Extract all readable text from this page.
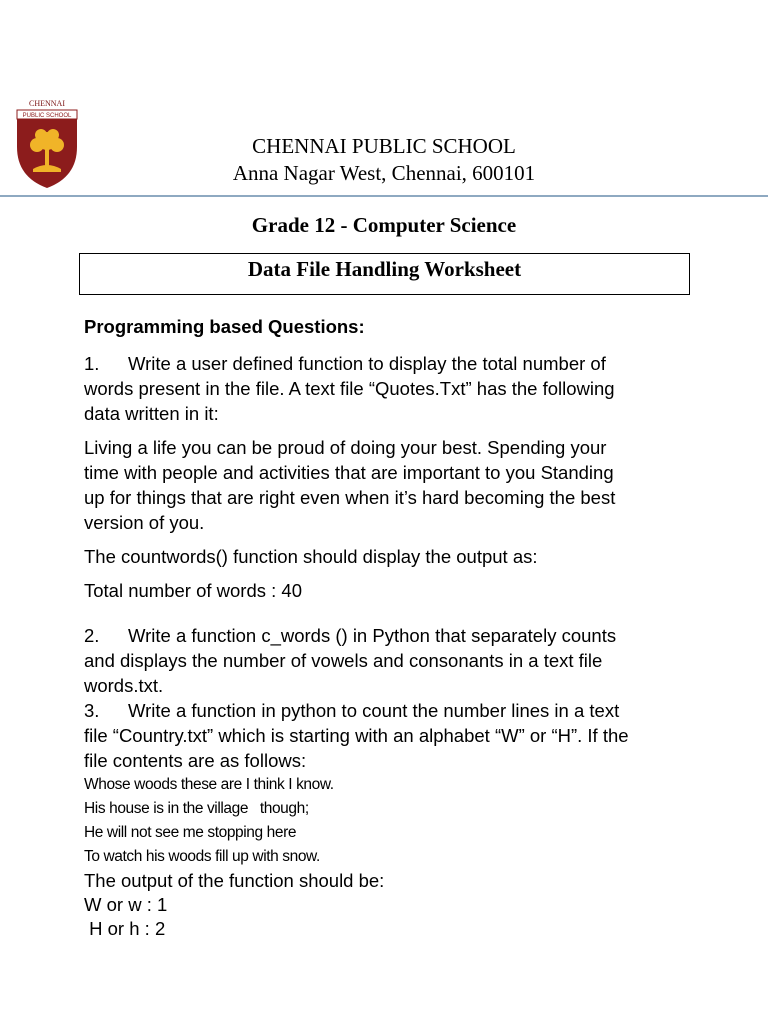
CHENNAI
PUBLIC SCHOOL
CHENNAI PUBLIC SCHOOL
Anna Nagar West, Chennai, 600101
Grade 12 - Computer Science
Data File Handling Worksheet

Programming based Questions:

1. Write a user defined function to display the total number of

words present in the file. A text file “Quotes.Txt” has the following

data written in it:

Living a life you can be proud of doing your best. Spending your

time with people and activities that are important to you Standing

up for things that are right even when it’s hard becoming the best

version of you.

The countwords() function should display the output as:

Total number of words : 40

2. Write a function c_words () in Python that separately counts

and displays the number of vowels and consonants in a text file

words.txt.

3. Write a function in python to count the number lines in a text

file “Country.txt” which is starting with an alphabet “W” or “H”. If the

file contents are as follows:

Whose woods these are I think I know.

His house is in the village   though;

He will not see me stopping here

To watch his woods fill up with snow.

The output of the function should be:

W or w : 1

H or h : 2
